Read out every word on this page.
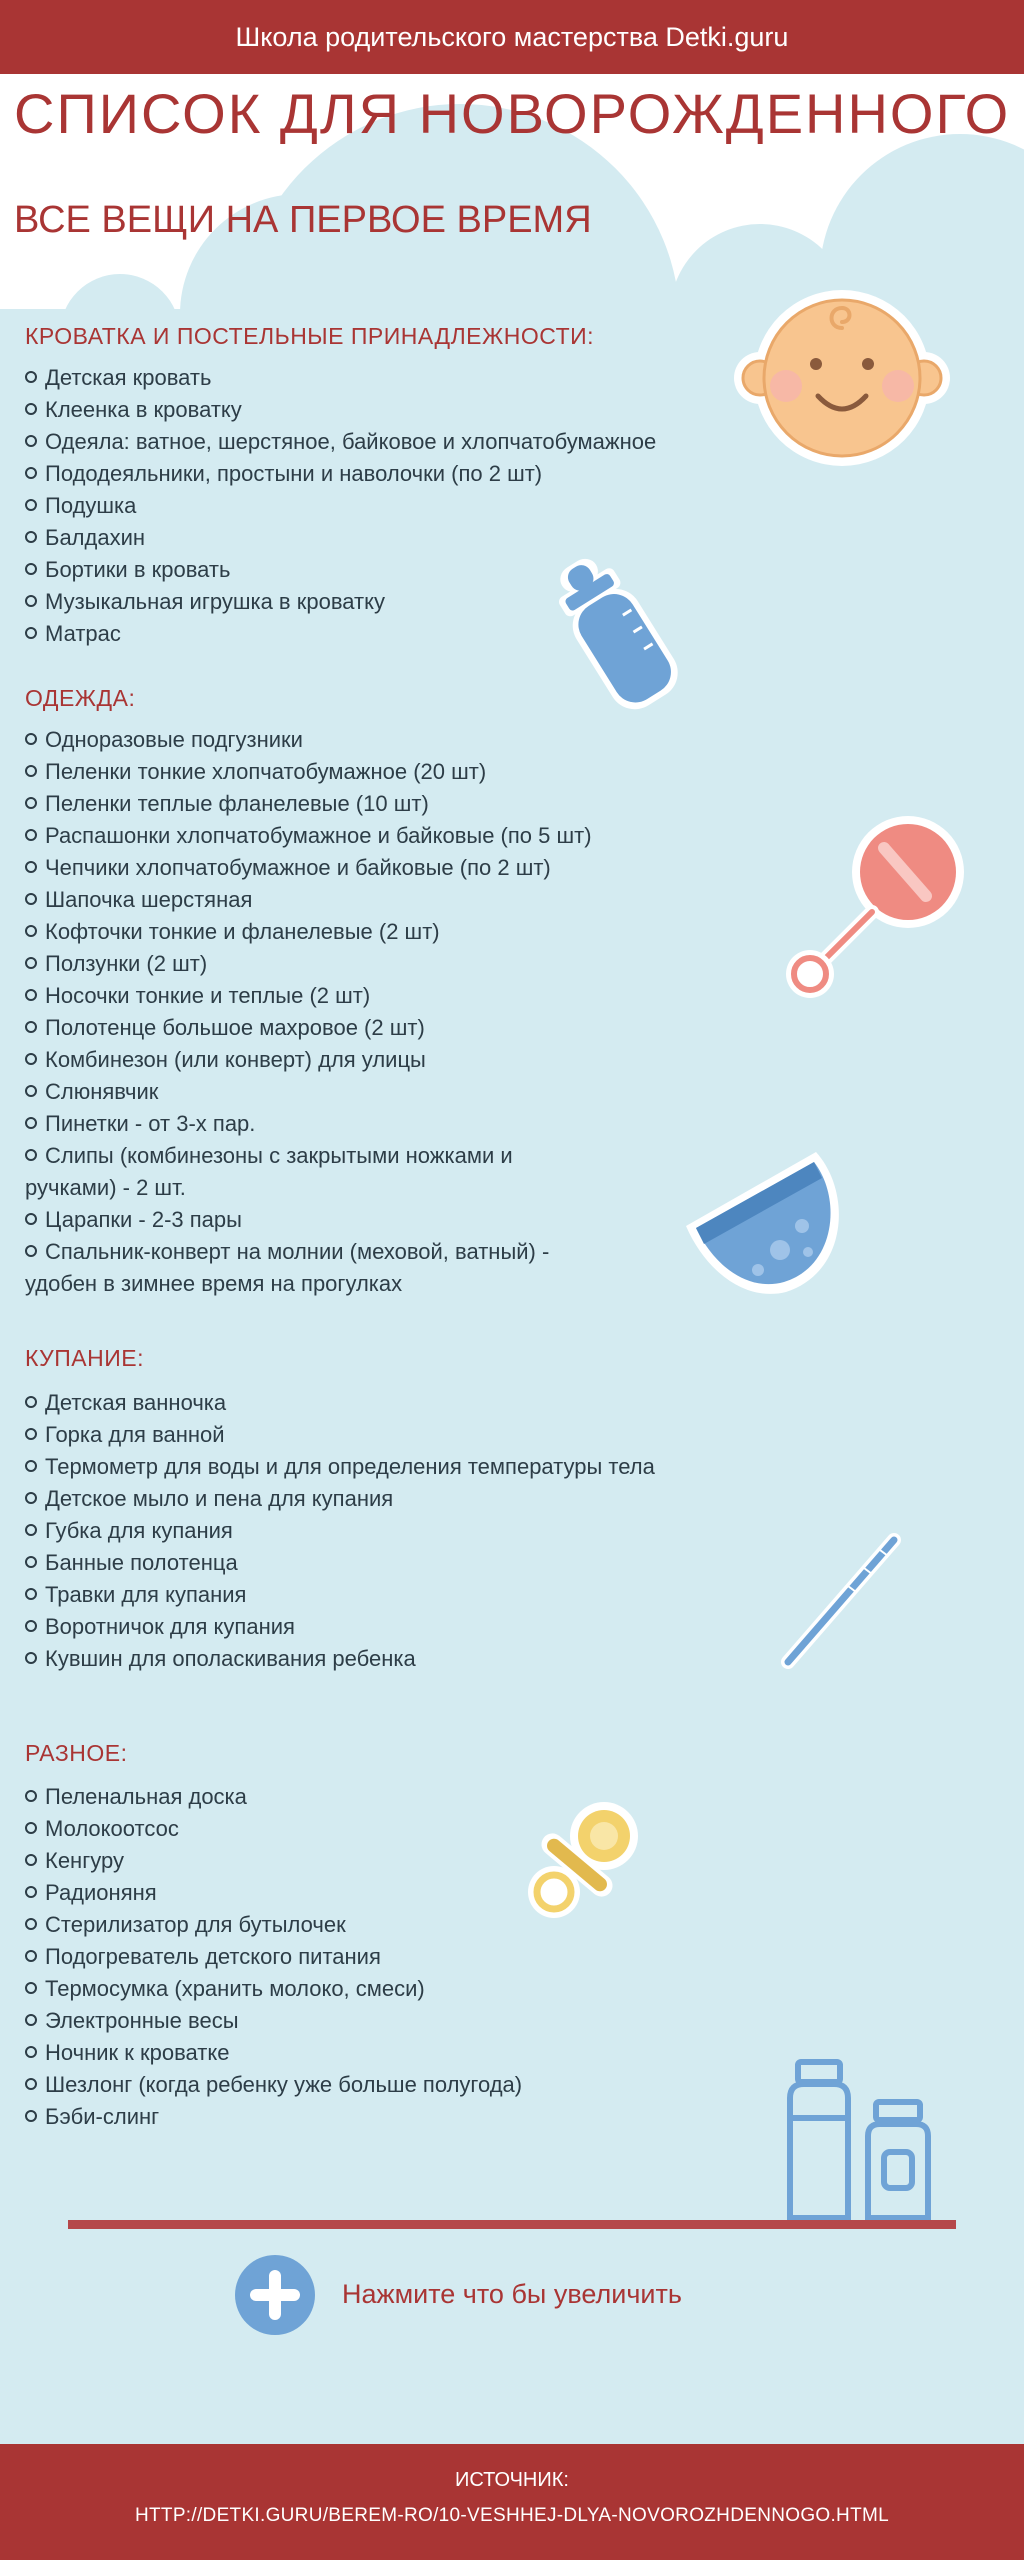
Школа родительского мастерства Detki.guru
СПИСОК ДЛЯ НОВОРОЖДЕННОГО
ВСЕ ВЕЩИ НА ПЕРВОЕ ВРЕМЯ
КРОВАТКА И ПОСТЕЛЬНЫЕ ПРИНАДЛЕЖНОСТИ:
Детская кровать
Клеенка в кроватку
Одеяла: ватное, шерстяное, байковое и хлопчатобумажное
Пододеяльники, простыни и наволочки (по 2 шт)
Подушка
Балдахин
Бортики в кровать
Музыкальная игрушка в кроватку
Матрас
ОДЕЖДА:
Одноразовые подгузники
Пеленки тонкие хлопчатобумажное (20 шт)
Пеленки теплые фланелевые (10 шт)
Распашонки хлопчатобумажное и байковые (по 5 шт)
Чепчики хлопчатобумажное и байковые (по 2 шт)
Шапочка шерстяная
Кофточки тонкие и фланелевые (2 шт)
Ползунки (2 шт)
Носочки тонкие и теплые (2 шт)
Полотенце большое махровое (2 шт)
Комбинезон (или конверт) для улицы
Слюнявчик
Пинетки - от 3-х пар.
Слипы (комбинезоны с закрытыми ножками и
ручками) - 2 шт.
Царапки - 2-3 пары
Спальник-конверт на молнии (меховой, ватный) -
удобен в зимнее время на прогулках
КУПАНИЕ:
Детская ванночка
Горка для ванной
Термометр для воды и для определения температуры тела
Детское мыло и пена для купания
Губка для купания
Банные полотенца
Травки для купания
Воротничок для купания
Кувшин для ополаскивания ребенка
РАЗНОЕ:
Пеленальная доска
Молокоотсос
Кенгуру
Радионяня
Стерилизатор для бутылочек
Подогреватель детского питания
Термосумка (хранить молоко, смеси)
Электронные весы
Ночник к кроватке
Шезлонг (когда ребенку уже больше полугода)
Бэби-слинг
Нажмите что бы увеличить
ИСТОЧНИК:
HTTP://DETKI.GURU/BEREM-RO/10-VESHHEJ-DLYA-NOVOROZHDENNOGO.HTML
